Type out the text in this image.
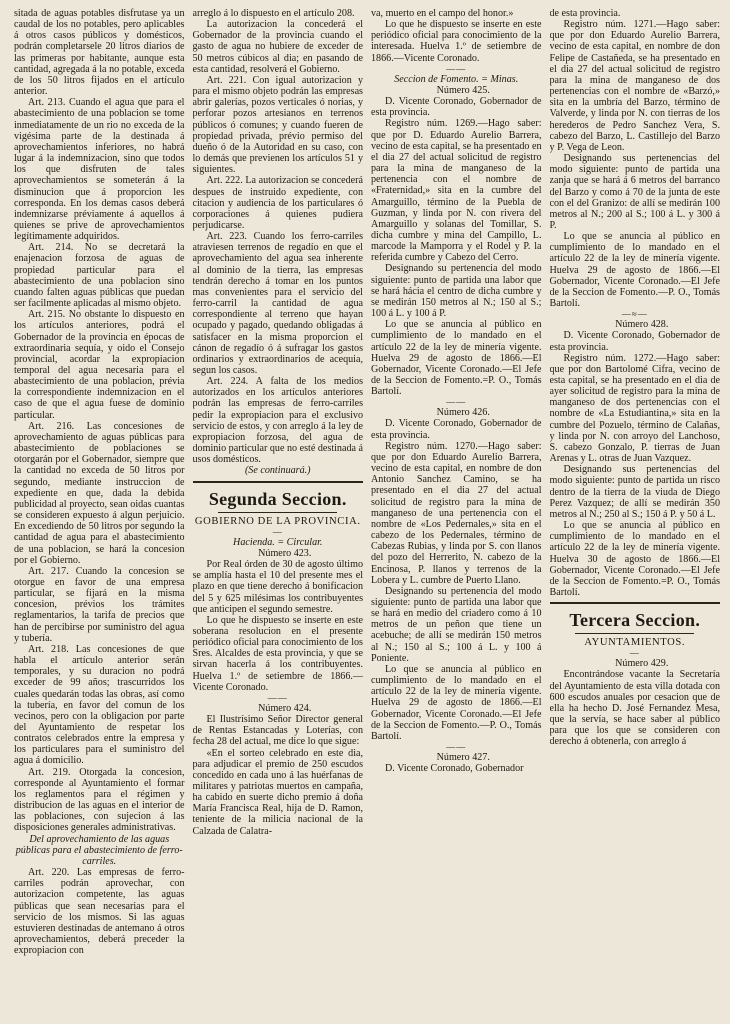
sitada de aguas potables disfrutase ya un caudal de los no potables, pero aplicables á otros casos públicos y domésticos, podrán completarsele 20 litros diarios de las primeras por habitante, aunque esta cantidad, agregada á la no potable, exceda de los 50 litros fijados en el artículo anterior.

Art. 213. Cuando el agua que para el abastecimiento de una poblacion se tome inmediatamente de un rio no exceda de la vigésima parte de la destinada á aprovechamientos inferiores, no habrá lugar á la indemnizacion, sino que todos los que disfruten de tales aprovechamientos se someterán á la disminucion que á proporcion les corresponda. En los demas casos deberá indemnizarse préviamente á aquellos á quienes se prive de aprovechamientos legítimamente adquiridos.

Art. 214. No se decretará la enajenacion forzosa de aguas de propiedad particular para el abastecimiento de una poblacion sino cuando falten aguas públicas que puedan ser facilmente aplicadas al mismo objeto.

Art. 215. No obstante lo dispuesto en los artículos anteriores, podrá el Gobernador de la provincia en épocas de extraordinaria sequía, y oido el Consejo provincial, acordar la expropiacion temporal del agua necesaria para el abastecimiento de una poblacion, prévia la correspondiente indemnizacion en el caso de que el agua fuese de dominio particular.

Art. 216. Las concesiones de aprovechamiento de aguas públicas para abastecimiento de poblaciones se otorgarán por el Gobernador, siempre que la cantidad no exceda de 50 litros por segundo, mediante instruccion de expediente en que, dada la debida publicidad al proyecto, sean oidas cuantas se consideren expuesto á algun perjuicio. En excediendo de 50 litros por segundo la cantidad de agua para el abastecimiento de una poblacion, se hará la concesion por el Gobierno.

Art. 217. Cuando la concesion se otorgue en favor de una empresa particular, se fijará en la misma concesion, prévios los trámites reglamentarios, la tarifa de precios que han de percibirse por suministro del agua y tubería.

Art. 218. Las concesiones de que habla el artículo anterior serán temporales, y su duracion no podrá exceder de 99 años; trascurridos los cuales quedarán todas las obras, así como la tubería, en favor del comun de los vecinos, pero con la obligacion por parte del Ayuntamiento de respetar los contratos celebrados entre la empresa y los particulares para el suministro del agua á domicilio.

Art. 219. Otorgada la concesion, corresponde al Ayuntamiento el formar los reglamentos para el régimen y distribucion de las aguas en el interior de las poblaciones, con sujecion á las disposiciones generales administrativas.

Del aprovechamiento de las aguas públicas para el abastecimiento de ferro-carriles.

Art. 220. Las empresas de ferro-carriles podrán aprovechar, con autorizacion competente, las aguas públicas que sean necesarias para el servicio de los mismos. Si las aguas estuvieren destinadas de antemano á otros aprovechamientos, deberá preceder la expropiacion con

arreglo á lo dispuesto en el artículo 208.

La autorizacion la concederá el Gobernador de la provincia cuando el gasto de agua no hubiere de exceder de 50 metros cúbicos al dia; en pasando de esta cantidad, resolverá el Gobierno.

Art. 221. Con igual autorizacion y para el mismo objeto podrán las empresas abrir galerías, pozos verticales ó norias, y perforar pozos artesianos en terrenos públicos ó comunes; y cuando fueren de propiedad privada, prévio permiso del dueño ó de la Autoridad en su caso, con lo demás que previenen los artículos 51 y siguientes.

Art. 222. La autorizacion se concederá despues de instruido expediente, con citacion y audiencia de los particulares ó corporaciones á quienes pudiera perjudicarse.

Art. 223. Cuando los ferro-carriles atraviesen terrenos de regadío en que el aprovechamiento del agua sea inherente al dominio de la tierra, las empresas tendrán derecho á tomar en los puntos mas convenientes para el servicio del ferro-carril la cantidad de agua correspondiente al terreno que hayan ocupado y pagado, quedando obligadas á satisfacer en la misma proporcion el cánon de regadío ó á sufragar los gastos ordinarios y extraordinarios de acequia, segun los casos.

Art. 224. A falta de los medios autorizados en los artículos anteriores podrán las empresas de ferro-carriles pedir la expropiacion para el exclusivo servicio de estos, y con arreglo á la ley de expropiacion forzosa, del agua de dominio particular que no esté destinada á usos domésticos.

(Se continuará.)

Segunda Seccion.
GOBIERNO DE LA PROVINCIA.
—

Hacienda. = Circular.

Número 423.

Por Real órden de 30 de agosto último se amplía hasta el 10 del presente mes el plazo en que tiene derecho á bonificacion del 5 y 625 milésimas los contribuyentes que anticipen el segundo semestre.

Lo que he dispuesto se inserte en este soberana resolucion en el presente periódico oficial para conocimiento de los Sres. Alcaldes de esta provincia, y que se sirvan hacerla á los contribuyentes. Huelva 1.º de setiembre de 1866.—Vicente Coronado.

——

Número 424.

El Ilustrísimo Señor Director general de Rentas Estancadas y Loterías, con fecha 28 del actual, me dice lo que sigue:

«En el sorteo celebrado en este dia, para adjudicar el premio de 250 escudos concedido en cada uno á las huérfanas de militares y patriotas muertos en campaña, ha cabido en suerte dicho premio á doña María Francisca Real, hija de D. Ramon, teniente de la milicia nacional de la Calzada de Calatra-

va, muerto en el campo del honor.»

Lo que he dispuesto se inserte en este periódico oficial para conocimiento de la interesada. Huelva 1.º de setiembre de 1866.—Vicente Coronado.

——

Seccion de Fomento. = Minas.

Número 425.

D. Vicente Coronado, Gobernador de esta provincia.

Registro núm. 1269.—Hago saber: que por D. Eduardo Aurelio Barrera, vecino de esta capital, se ha presentado en el dia 27 del actual solicitud de registro para la mina de manganeso de la pertenencia con el nombre de «Fraternidad,» sita en la cumbre del Amarguillo, término de la Puebla de Guzman, y linda por N. con rivera del Amarguillo y solanas del Tomillar, S. dicha cumbre y mina del Campillo, L. marcode la Mamporra y el Rodel y P. la referida cumbre y Cabezo del Cerro.

Designando su pertenencia del modo siguiente: punto de partida una labor que se hará hácia el centro de dicha cumbre y se medirán 150 metros al N.; 150 al S.; 100 á L. y 100 á P.

Lo que se anuncia al público en cumplimiento de lo mandado en el artículo 22 de la ley de minería vigente. Huelva 29 de agosto de 1866.—El Gobernador, Vicente Coronado.—El Jefe de la Seccion de Fomento.=P. O., Tomás Bartolí.

——

Número 426.

D. Vicente Coronado, Gobernador de esta provincia.

Registro núm. 1270.—Hago saber: que por don Eduardo Aurelio Barrera, vecino de esta capital, en nombre de don Antonio Sanchez Camino, se ha presentado en el dia 27 del actual solicitud de registro para la mina de manganeso de una pertenencia con el nombre de «Los Pedernales,» sita en el cabezo de los Pedernales, término de Cabezas Rubias, y linda por S. con llanos del pozo del Herrerito, N. cabezo de la Encinosa, P. llanos y terrenos de la Lobera y L. cumbre de Puerto Llano.

Designando su pertenencia del modo siguiente: punto de partida una labor que se hará en medio del criadero como á 10 metros de un peñon que tiene un acebuche; de allí se medirán 150 metros al N.; 150 al S.; 100 á L. y 100 á Poniente.

Lo que se anuncia al público en cumplimiento de lo mandado en el artículo 22 de la ley de minería vigente. Huelva 29 de agosto de 1866.—El Gobernador, Vicente Coronado.—El Jefe de la Seccion de Fomento.—P. O., Tomás Bartolí.

——

Número 427.

D. Vicente Coronado, Gobernador

de esta provincia.

Registro núm. 1271.—Hago saber: que por don Eduardo Aurelio Barrera, vecino de esta capital, en nombre de don Felipe de Castañeda, se ha presentado en el dia 27 del actual solicitud de registro para la mina de manganeso de dos pertenencias con el nombre de «Barzó,» sita en la umbría del Barzo, término de Valverde, y linda por N. con tierras de los herederos de Pedro Sanchez Vera, S. cabezo del Barzo, L. Castillejo del Barzo y P. Vega de Leon.

Designando sus pertenencias del modo siguiente: punto de partida una zanja que se hará á 6 metros del barranco del Barzo y como á 70 de la junta de este con el del Granizo: de allí se medirán 100 metros al N.; 200 al S.; 100 á L. y 300 á P.

Lo que se anuncia al público en cumplimiento de lo mandado en el artículo 22 de la ley de minería vigente. Huelva 29 de agosto de 1866.—El Gobernador, Vicente Coronado.—El Jefe de la Seccion de Fomento.—P. O., Tomás Bartolí.

—≈—

Número 428.

D. Vicente Coronado, Gobernador de esta provincia.

Registro núm. 1272.—Hago saber: que por don Bartolomé Cifra, vecino de esta capital, se ha presentado en el dia de ayer solicitud de registro para la mina de manganeso de dos pertenencias con el nombre de «La Estudiantina,» sita en la cumbre del Pozuelo, término de Calañas, y linda por N. con arroyo del Lanchoso, S. cabezo Gonzalo, P. tierras de Juan Arenas y L. otras de Juan Vazquez.

Designando sus pertenencias del modo siguiente: punto de partida un risco dentro de la tierra de la viuda de Diego Perez Vazquez; de allí se medirán 350 metros al N.; 250 al S.; 150 á P. y 50 á L.

Lo que se anuncia al público en cumplimiento de lo mandado en el artículo 22 de la ley de minería vigente. Huelva 30 de agosto de 1866.—El Gobernador, Vicente Coronado.—El Jefe de la Seccion de Fomento.=P. O., Tomás Bartolí.

Tercera Seccion.
AYUNTAMIENTOS.
—

Número 429.

Encontrándose vacante la Secretaría del Ayuntamiento de esta villa dotada con 600 escudos anuales por cesacion que de ella ha hecho D. José Fernandez Mesa, que la servía, se hace saber al público para que los que se consideren con derecho á obtenerla, con arreglo á
